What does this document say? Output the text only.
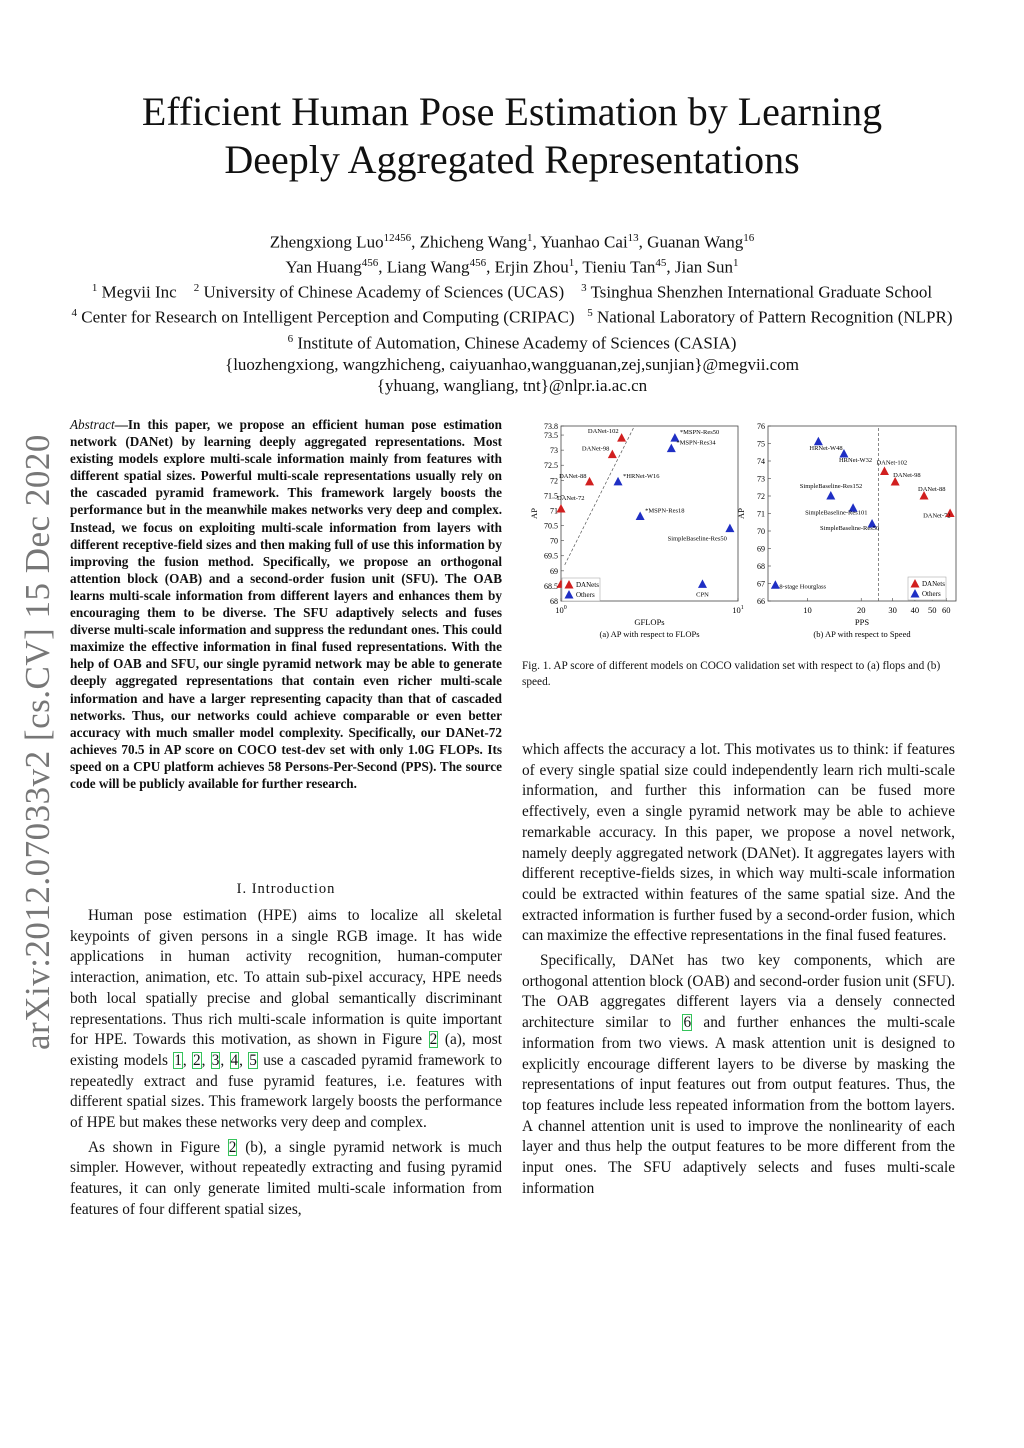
Efficient Human Pose Estimation by Learning
Deeply Aggregated Representations
Zhengxiong Luo$^{12456}$, Zhicheng Wang$^1$, Yuanhao Cai$^{13}$, Guanan Wang$^{16}$
Yan Huang$^{456}$, Liang Wang$^{456}$, Erjin Zhou$^1$, Tieniu Tan$^{45}$, Jian Sun$^1$
$^1$ Megvii Inc $^2$ University of Chinese Academy of Sciences (UCAS) $^3$ Tsinghua Shenzhen International Graduate School
$^4$ Center for Research on Intelligent Perception and Computing (CRIPAC) $^5$ National Laboratory of Pattern Recognition (NLPR)
$^6$ Institute of Automation, Chinese Academy of Sciences (CASIA)
{luozhengxiong, wangzhicheng, caiyuanhao,wangguanan,zej,sunjian}@megvii.com
{yhuang, wangliang, tnt}@nlpr.ia.ac.cn
arXiv:2012.07033v2 [cs.CV] 15 Dec 2020
Abstract—In this paper, we propose an efficient human pose estimation network (DANet) by learning deeply aggregated representations. Most existing models explore multi-scale information mainly from features with different spatial sizes. Powerful multi-scale representations usually rely on the cascaded pyramid framework. This framework largely boosts the performance but in the meanwhile makes networks very deep and complex. Instead, we focus on exploiting multi-scale information from layers with different receptive-field sizes and then making full of use this information by improving the fusion method. Specifically, we propose an orthogonal attention block (OAB) and a second-order fusion unit (SFU). The OAB learns multi-scale information from different layers and enhances them by encouraging them to be diverse. The SFU adaptively selects and fuses diverse multi-scale information and suppress the redundant ones. This could maximize the effective information in final fused representations. With the help of OAB and SFU, our single pyramid network may be able to generate deeply aggregated representations that contain even richer multi-scale information and have a larger representing capacity than that of cascaded networks. Thus, our networks could achieve comparable or even better accuracy with much smaller model complexity. Specifically, our DANet-72 achieves 70.5 in AP score on COCO test-dev set with only 1.0G FLOPs. Its speed on a CPU platform achieves 58 Persons-Per-Second (PPS). The source code will be publicly available for further research.
I. Introduction

Human pose estimation (HPE) aims to localize all skeletal keypoints of given persons in a single RGB image. It has wide applications in human activity recognition, human-computer interaction, animation, etc. To attain sub-pixel accuracy, HPE needs both local spatially precise and global semantically discriminant representations. Thus rich multi-scale information is quite important for HPE. Towards this motivation, as shown in Figure 2 (a), most existing models 1, 2, 3, 4, 5 use a cascaded pyramid framework to repeatedly extract and fuse pyramid features, i.e. features with different spatial sizes. This framework largely boosts the performance of HPE but makes these networks very deep and complex.

As shown in Figure 2 (b), a single pyramid network is much simpler. However, without repeatedly extracting and fusing pyramid features, it can only generate limited multi-scale information from features of four different spatial sizes,

68
68.5
69
69.5
70
70.5
71
71.5
72
72.5
73
73.5
73.8
$10^0$	$10^1$
DANet-102
DANet-98
DANet-88
DANet-72
*MSPN-Res50
*MSPN-Res34
*HRNet-W16
*MSPN-Res18
SimpleBaseline-Res50
CPN
DANets
Others
GFLOPs
AP
(a) AP with respect to FLOPs
66
67
68
69
70
71
72
73
74
75
76
10	20	30 40 50 60
DANet-102
DANet-98
DANet-88
DANet-72
HRNet-W48
HRNet-W32
SimpleBaseline-Res152
SimpleBaseline-Res101
SimpleBaseline-Res50
8-stage Hourglass	DANets
Others
PPS
AP
(b) AP with respect to Speed
Fig. 1. AP score of different models on COCO validation set with respect to (a) flops and (b) speed.

which affects the accuracy a lot. This motivates us to think: if features of every single spatial size could independently learn rich multi-scale information, and further this information can be fused more effectively, even a single pyramid network may be able to achieve remarkable accuracy. In this paper, we propose a novel network, namely deeply aggregated network (DANet). It aggregates layers with different receptive-fields sizes, in which way multi-scale information could be extracted within features of the same spatial size. And the extracted information is further fused by a second-order fusion, which can maximize the effective representations in the final fused features.

Specifically, DANet has two key components, which are orthogonal attention block (OAB) and second-order fusion unit (SFU). The OAB aggregates different layers via a densely connected architecture similar to 6 and further enhances the multi-scale information from two views. A mask attention unit is designed to explicitly encourage different layers to be diverse by masking the representations of input features out from output features. Thus, the top features include less repeated information from the bottom layers. A channel attention unit is used to improve the nonlinearity of each layer and thus help the output features to be more different from the input ones. The SFU adaptively selects and fuses multi-scale information
